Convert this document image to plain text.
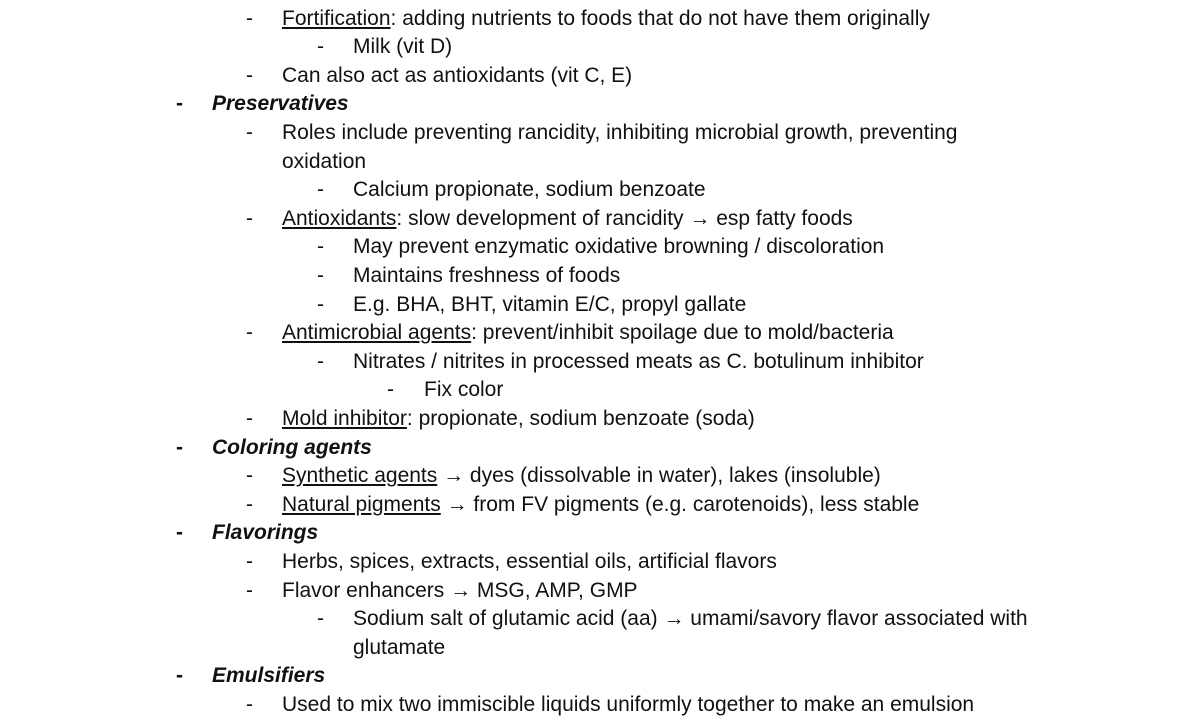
- Fortification: adding nutrients to foods that do not have them originally
- Milk (vit D)
- Can also act as antioxidants (vit C, E)
- Preservatives
- Roles include preventing rancidity, inhibiting microbial growth, preventing
oxidation
- Calcium propionate, sodium benzoate
- Antioxidants: slow development of rancidity → esp fatty foods
- May prevent enzymatic oxidative browning / discoloration
- Maintains freshness of foods
- E.g. BHA, BHT, vitamin E/C, propyl gallate
- Antimicrobial agents: prevent/inhibit spoilage due to mold/bacteria
- Nitrates / nitrites in processed meats as C. botulinum inhibitor
- Fix color
- Mold inhibitor: propionate, sodium benzoate (soda)
- Coloring agents
- Synthetic agents → dyes (dissolvable in water), lakes (insoluble)
- Natural pigments → from FV pigments (e.g. carotenoids), less stable
- Flavorings
- Herbs, spices, extracts, essential oils, artificial flavors
- Flavor enhancers → MSG, AMP, GMP
- Sodium salt of glutamic acid (aa) → umami/savory flavor associated with
glutamate
- Emulsifiers
- Used to mix two immiscible liquids uniformly together to make an emulsion
